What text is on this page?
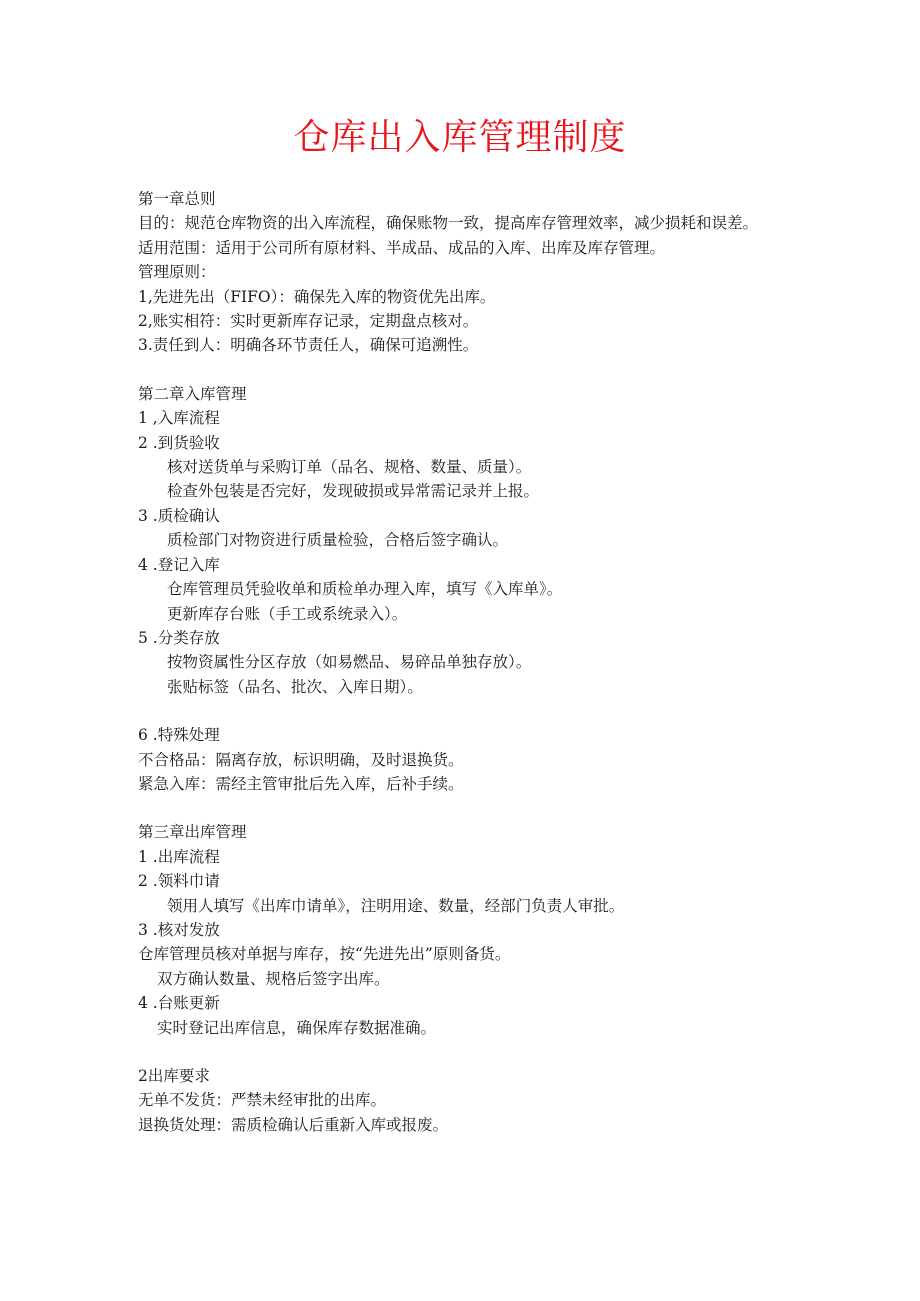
仓库出入库管理制度
第一章总则
目的：规范仓库物资的出入库流程，确保账物一致，提高库存管理效率，减少损耗和误差。
适用范围：适用于公司所有原材料、半成品、成品的入库、出库及库存管理。
管理原则：
1,先进先出（FIFO）：确保先入库的物资优先出库。
2,账实相符：实时更新库存记录，定期盘点核对。
3.责任到人：明确各环节责任人，确保可追溯性。
第二章入库管理
1 ,入库流程
2 .到货验收
核对送货单与采购订单（品名、规格、数量、质量）。
检查外包装是否完好，发现破损或异常需记录并上报。
3 .质检确认
质检部门对物资进行质量检验，合格后签字确认。
4 .登记入库
仓库管理员凭验收单和质检单办理入库，填写《入库单》。
更新库存台账（手工或系统录入）。
5 .分类存放
按物资属性分区存放（如易燃品、易碎品单独存放）。
张贴标签（品名、批次、入库日期）。
6 .特殊处理
不合格品：隔离存放，标识明确，及时退换货。
紧急入库：需经主管审批后先入库，后补手续。
第三章出库管理
1 .出库流程
2 .领料巾请
领用人填写《出库巾请单》，注明用途、数量，经部门负责人审批。
3 .核对发放
仓库管理员核对单据与库存，按“先进先出”原则备货。
双方确认数量、规格后签字出库。
4 .台账更新
实时登记出库信息，确保库存数据准确。
2出库要求
无单不发货：严禁未经审批的出库。
退换货处理：需质检确认后重新入库或报废。
